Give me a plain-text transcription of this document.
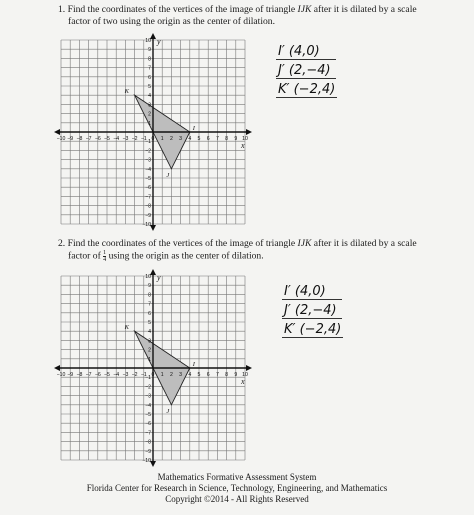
1. Find the coordinates of the vertices of the image of triangle IJK after it is dilated by a scale
factor of two using the origin as the center of dilation.
−10 −9 −8 −7 −6 −5 −4 −3 −2 −1 0 1 2 3 4 5 6 7 8 9 10
10
9
8
7
6
5
4
3
2
1
−1
−2
−3
−4
−5
−6
−7
−8
−9
−10
x
y
I
J
K
I′ (4,0)
J′ (2,−4)
K′ (−2,4)
2. Find the coordinates of the vertices of the image of triangle IJK after it is dilated by a scale
factor of $\frac{1}{4}$ using the origin as the center of dilation.
−10 −9 −8 −7 −6 −5 −4 −3 −2 −1 0 1 2 3 4 5 6 7 8 9 10
10
9
8
7
6
5
4
3
2
1
−1
−2
−3
−4
−5
−6
−7
−8
−9
−10
x
y
I
J
K
I′ (4,0)
J′ (2,−4)
K′ (−2,4)
Mathematics Formative Assessment System
Florida Center for Research in Science, Technology, Engineering, and Mathematics
Copyright ©2014 - All Rights Reserved
